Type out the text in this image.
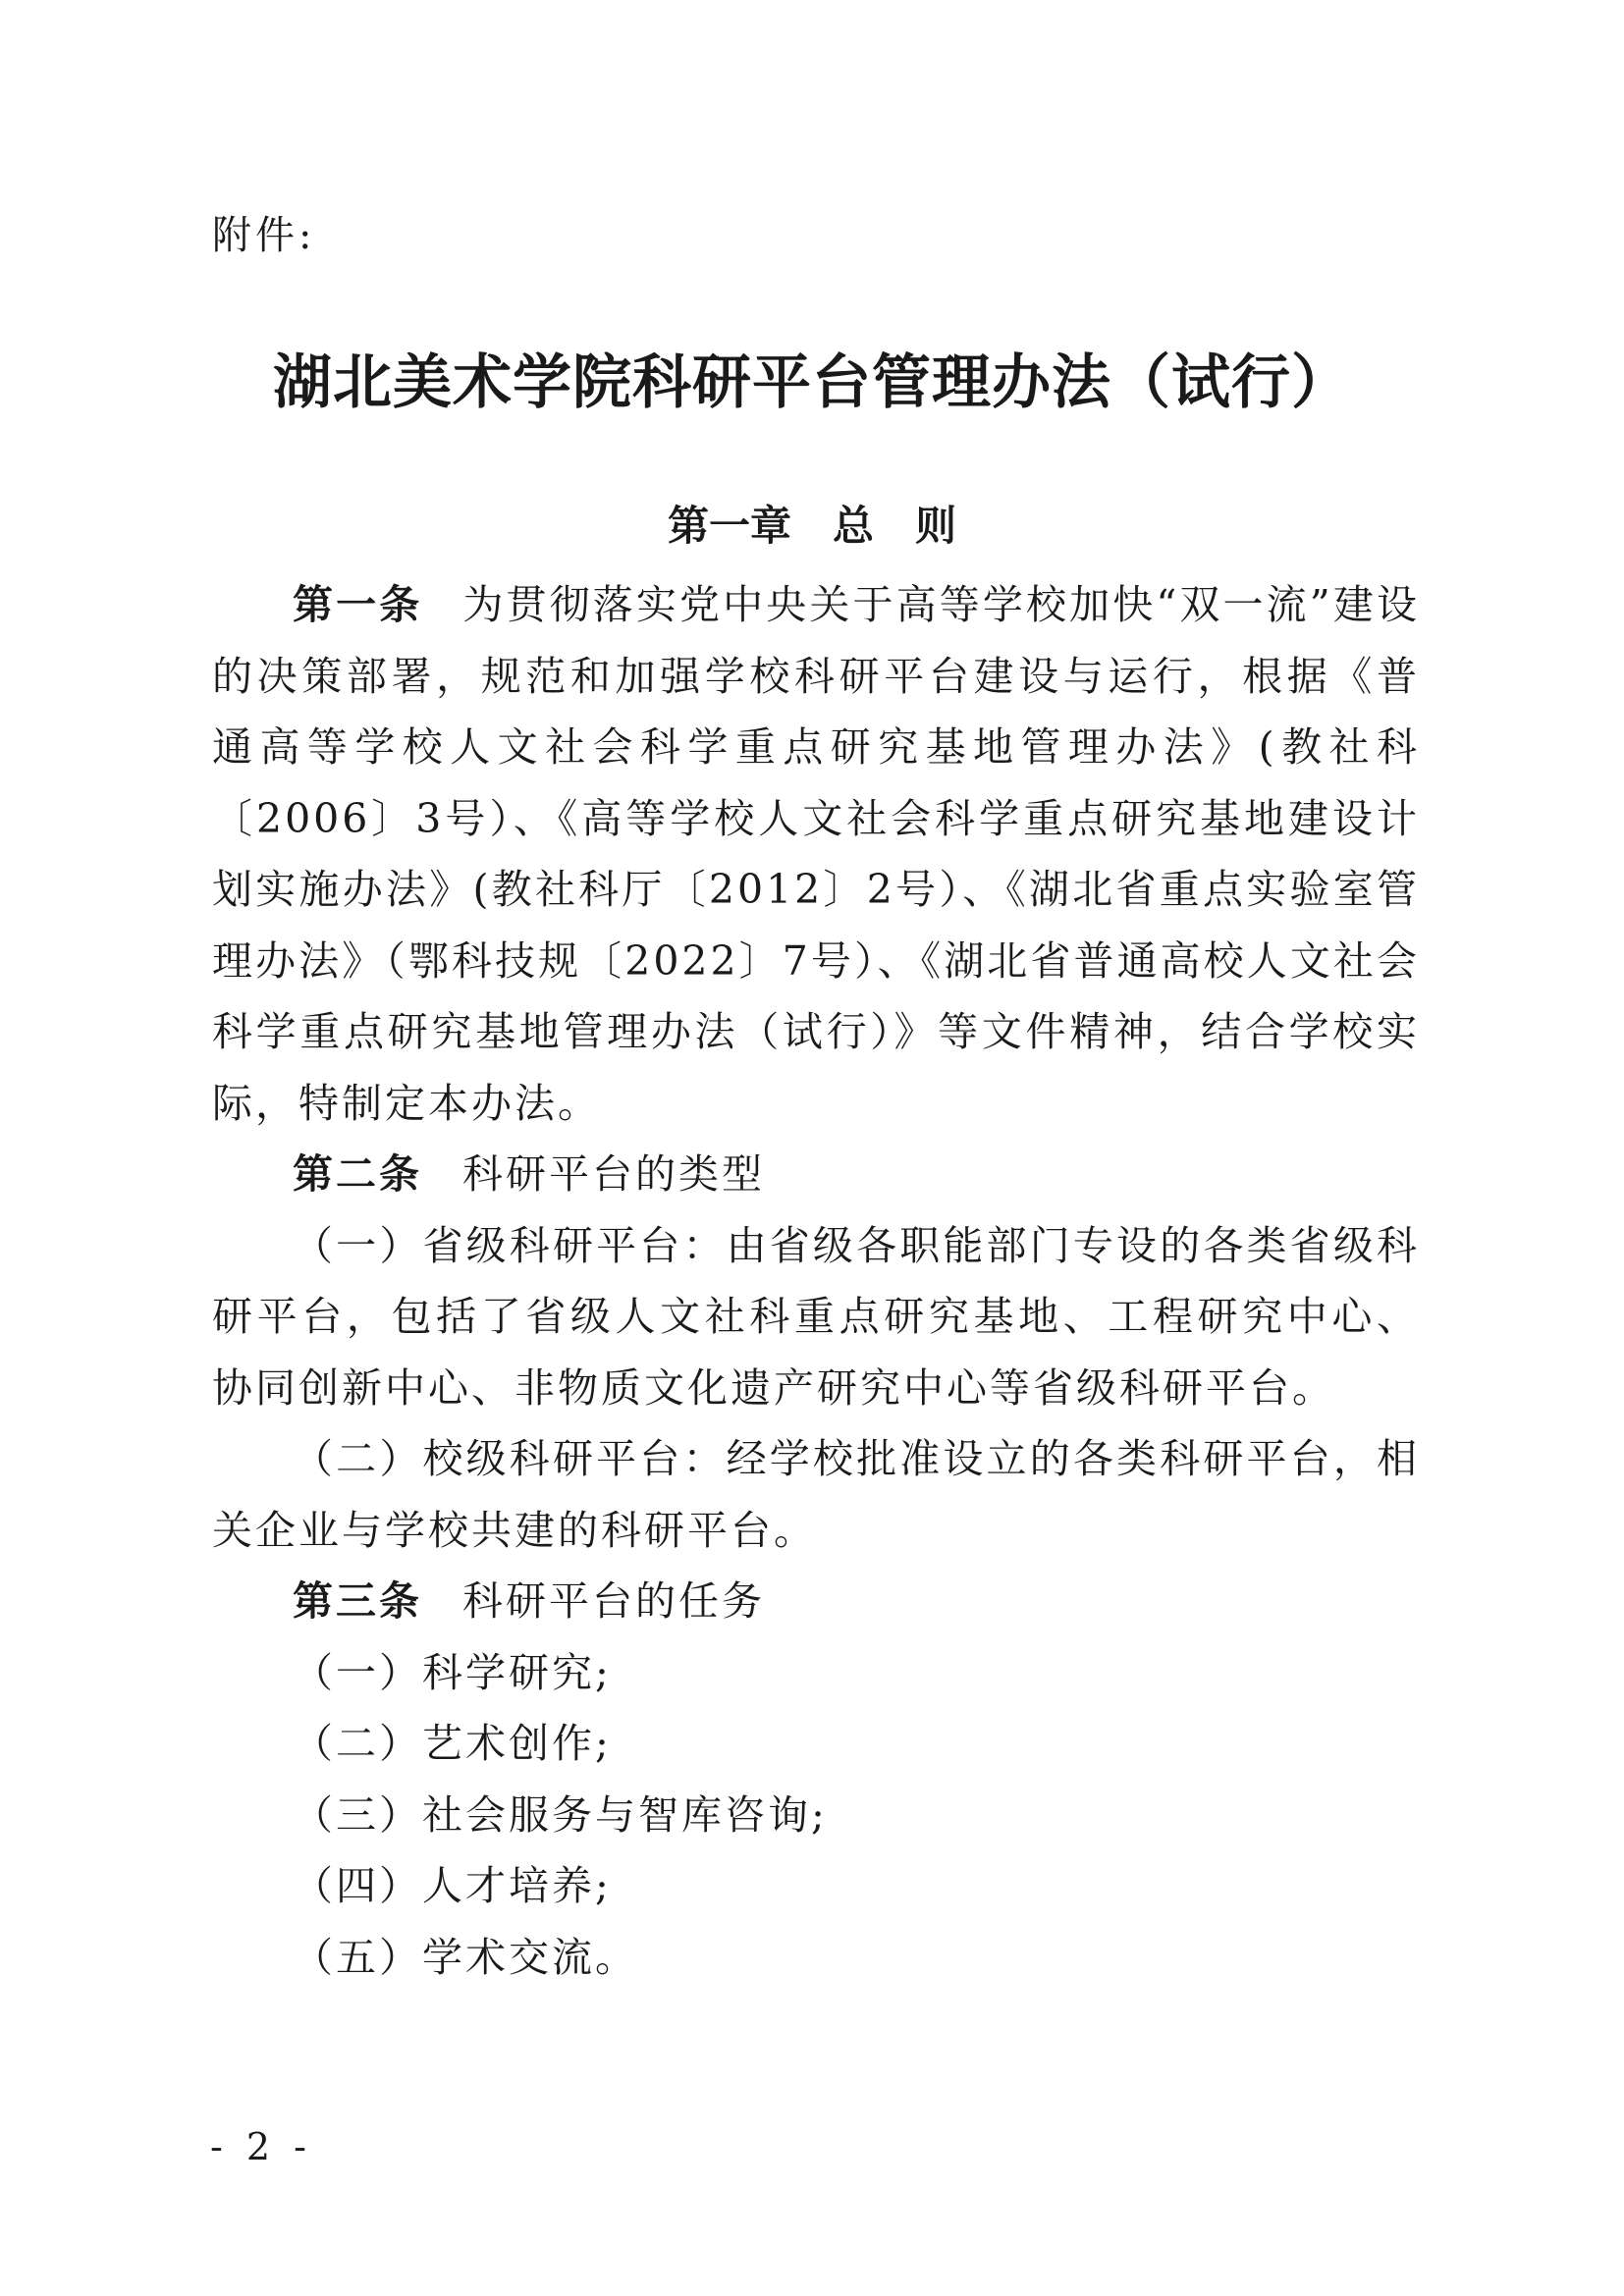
附件:
湖北美术学院科研平台管理办法（试行）
第一章　总　则

第一条 为贯彻落实党中央关于高等学校加快“双一流”建设的决策部署，规范和加强学校科研平台建设与运行，根据《普通高等学校人文社会科学重点研究基地管理办法》(教社科〔2006〕3号）、《高等学校人文社会科学重点研究基地建设计划实施办法》(教社科厅〔2012〕2号）、《湖北省重点实验室管理办法》（鄂科技规〔2022〕7号）、《湖北省普通高校人文社会科学重点研究基地管理办法（试行）》等文件精神，结合学校实际，特制定本办法。

第二条 科研平台的类型

（一）省级科研平台：由省级各职能部门专设的各类省级科研平台，包括了省级人文社科重点研究基地、工程研究中心、协同创新中心、非物质文化遗产研究中心等省级科研平台。

（二）校级科研平台：经学校批准设立的各类科研平台，相关企业与学校共建的科研平台。

第三条 科研平台的任务

（一）科学研究;

（二）艺术创作;

（三）社会服务与智库咨询;

（四）人才培养;

（五）学术交流。

- 2 -
